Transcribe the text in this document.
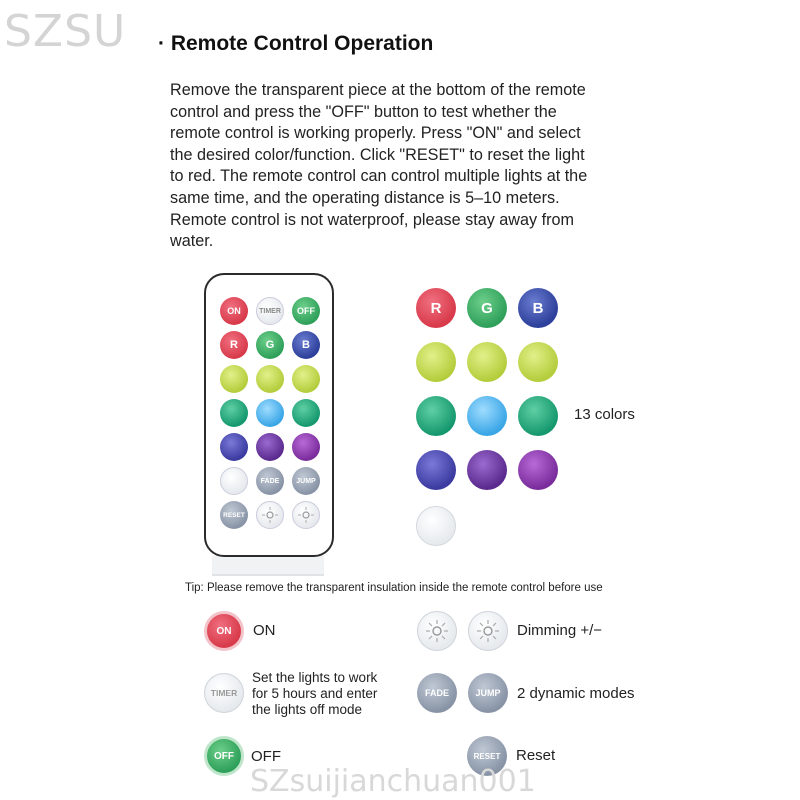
SZSU · Remote Control Operation
Remove the transparent piece at the bottom of the remote
control and press the "OFF" button to test whether the
remote control is working properly. Press "ON" and select
the desired color/function. Click "RESET" to reset the light
to red. The remote control can control multiple lights at the
same time, and the operating distance is 5–10 meters.
Remote control is not waterproof, please stay away from
water.
ON	TIMER OFF
R	G	B
FADE JUMP
RESET
R	G	B
13 colors
Tip: Please remove the transparent insulation inside the remote control before use
ON ON
TIMER
Set the lights to work
for 5 hours and enter
the lights off mode
OFF OFF
Dimming +/−
FADE	JUMP 2 dynamic modes
RESET Reset
SZsuijianchuan001
